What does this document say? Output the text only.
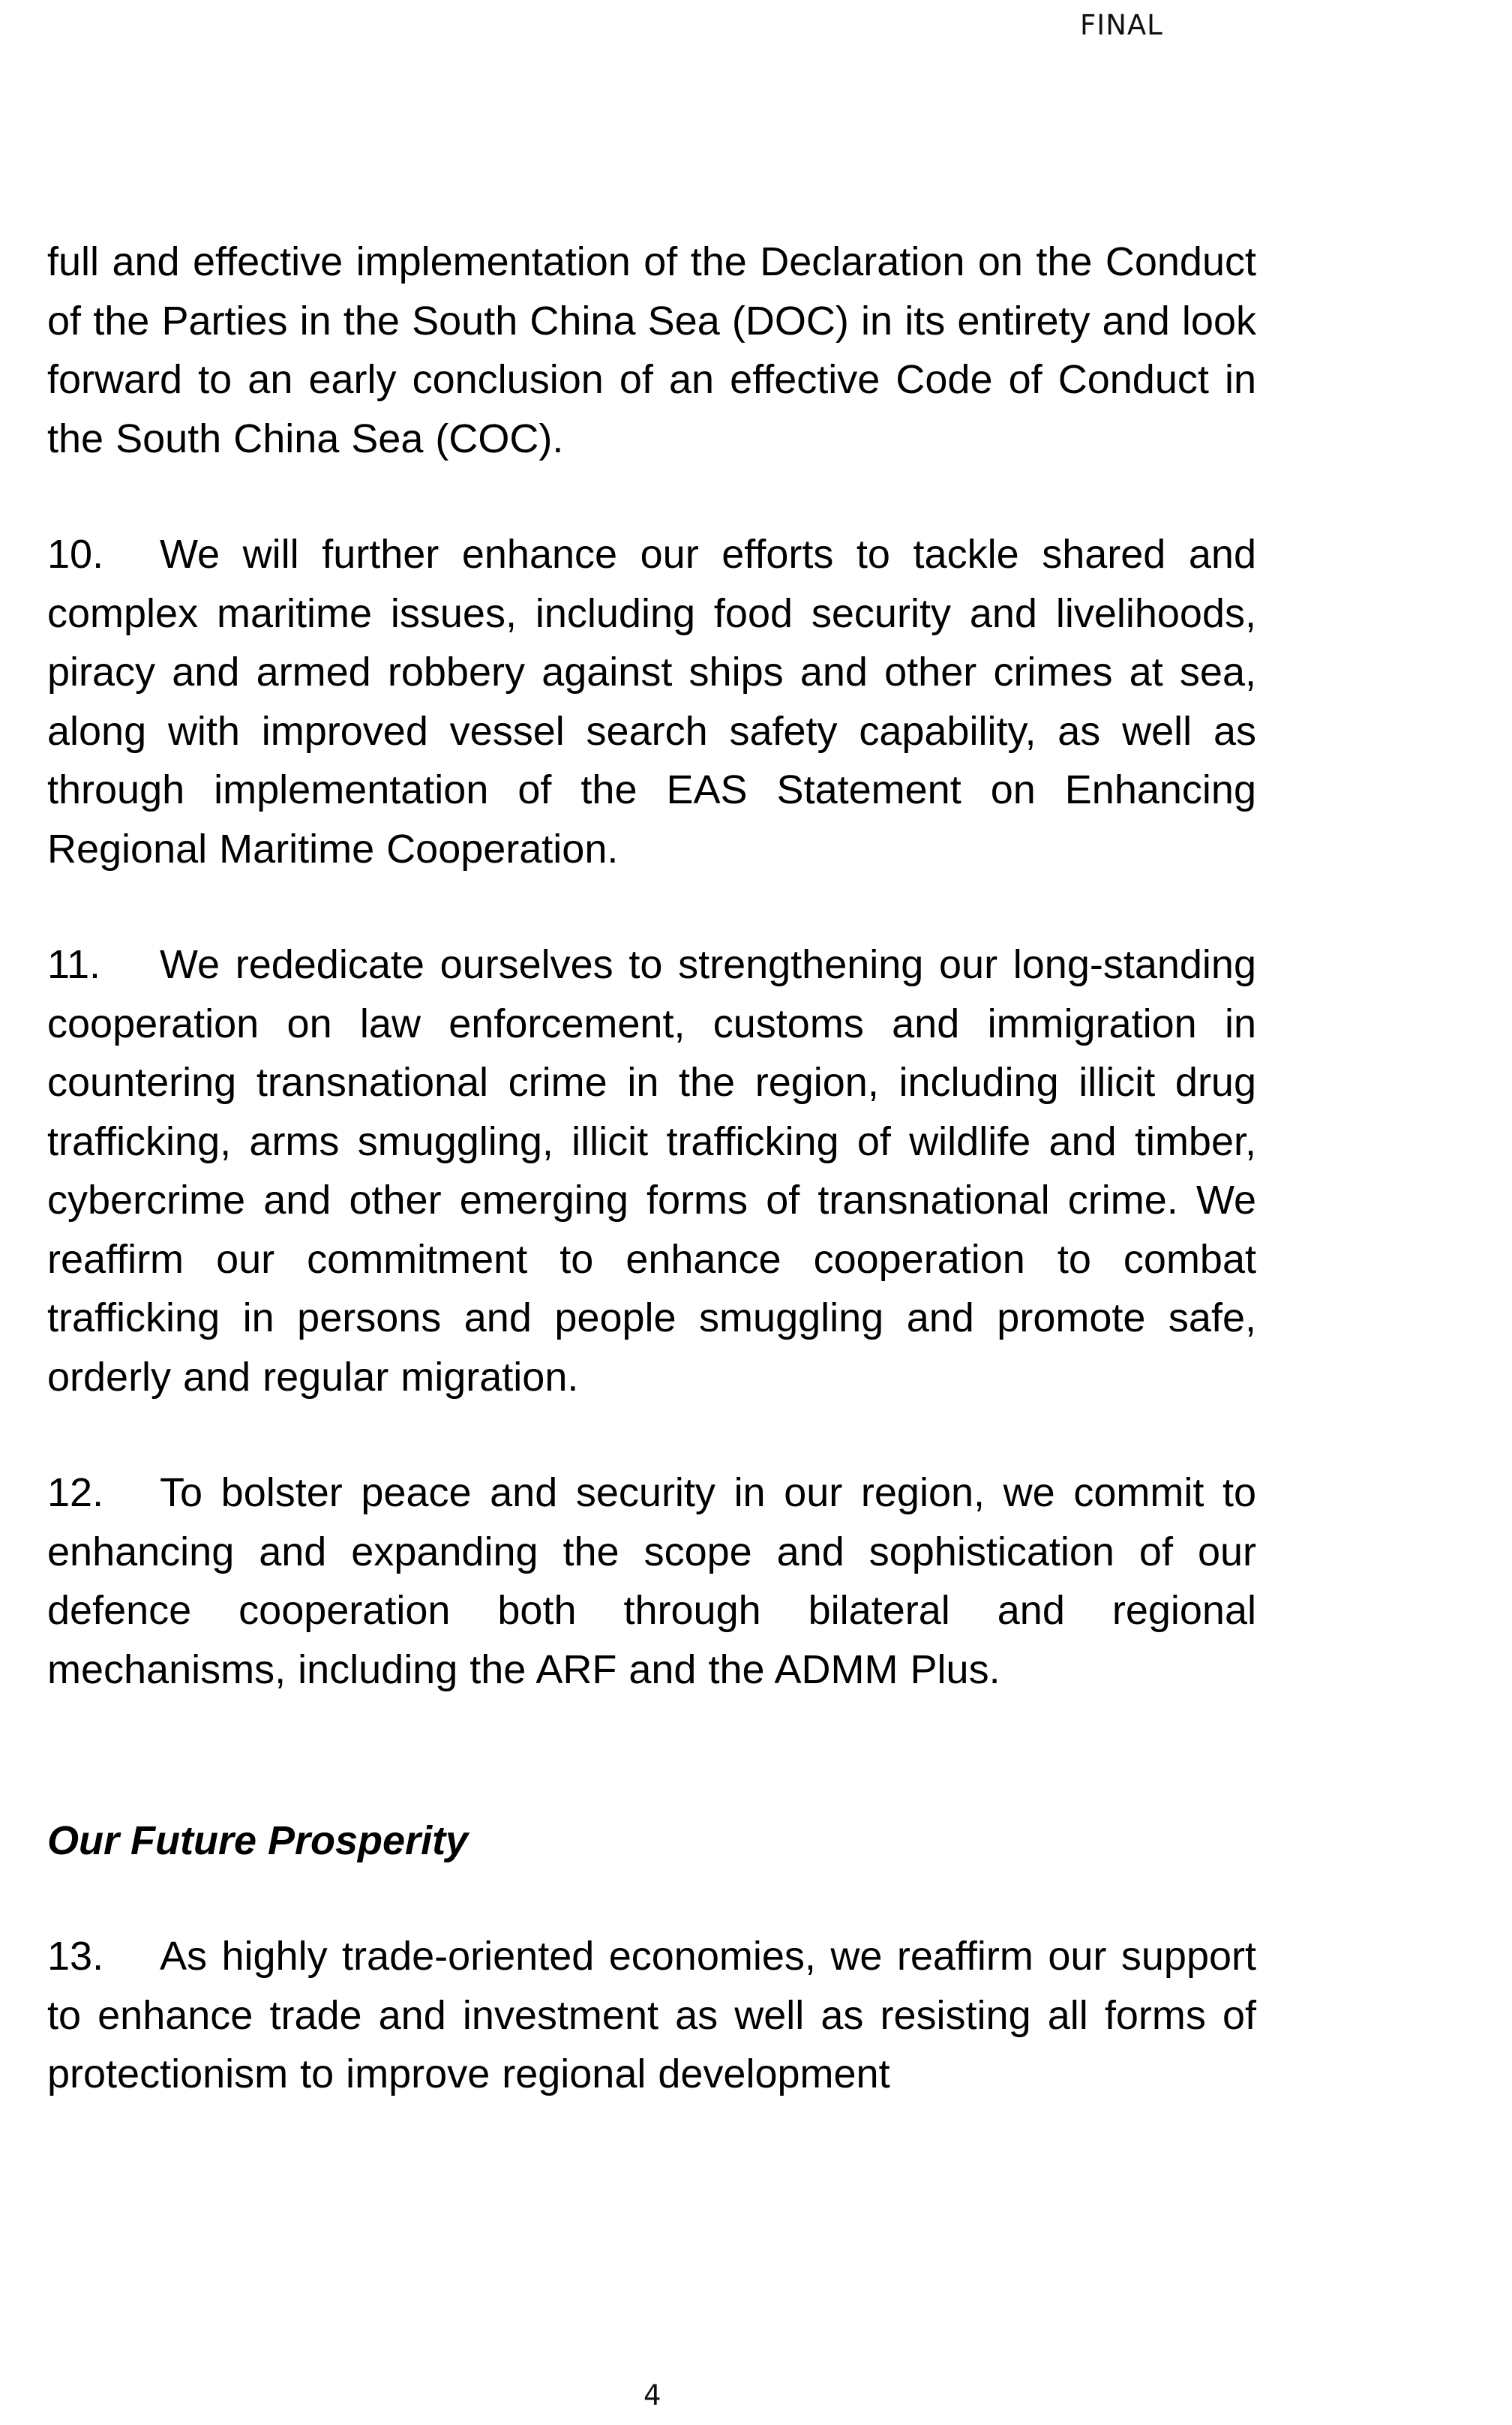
FINAL

full and effective implementation of the Declaration on the Conduct of the Parties in the South China Sea (DOC) in its entirety and look forward to an early conclusion of an effective Code of Conduct in the South China Sea (COC).

10. We will further enhance our efforts to tackle shared and complex maritime issues, including food security and livelihoods, piracy and armed robbery against ships and other crimes at sea, along with improved vessel search safety capability, as well as through implementation of the EAS Statement on Enhancing Regional Maritime Cooperation.

11. We rededicate ourselves to strengthening our long-standing cooperation on law enforcement, customs and immigration in countering transnational crime in the region, including illicit drug trafficking, arms smuggling, illicit trafficking of wildlife and timber, cybercrime and other emerging forms of transnational crime. We reaffirm our commitment to enhance cooperation to combat trafficking in persons and people smuggling and promote safe, orderly and regular migration.

12. To bolster peace and security in our region, we commit to enhancing and expanding the scope and sophistication of our defence cooperation both through bilateral and regional mechanisms, including the ARF and the ADMM Plus.

Our Future Prosperity

13. As highly trade-oriented economies, we reaffirm our support to enhance trade and investment as well as resisting all forms of protectionism to improve regional development

4
